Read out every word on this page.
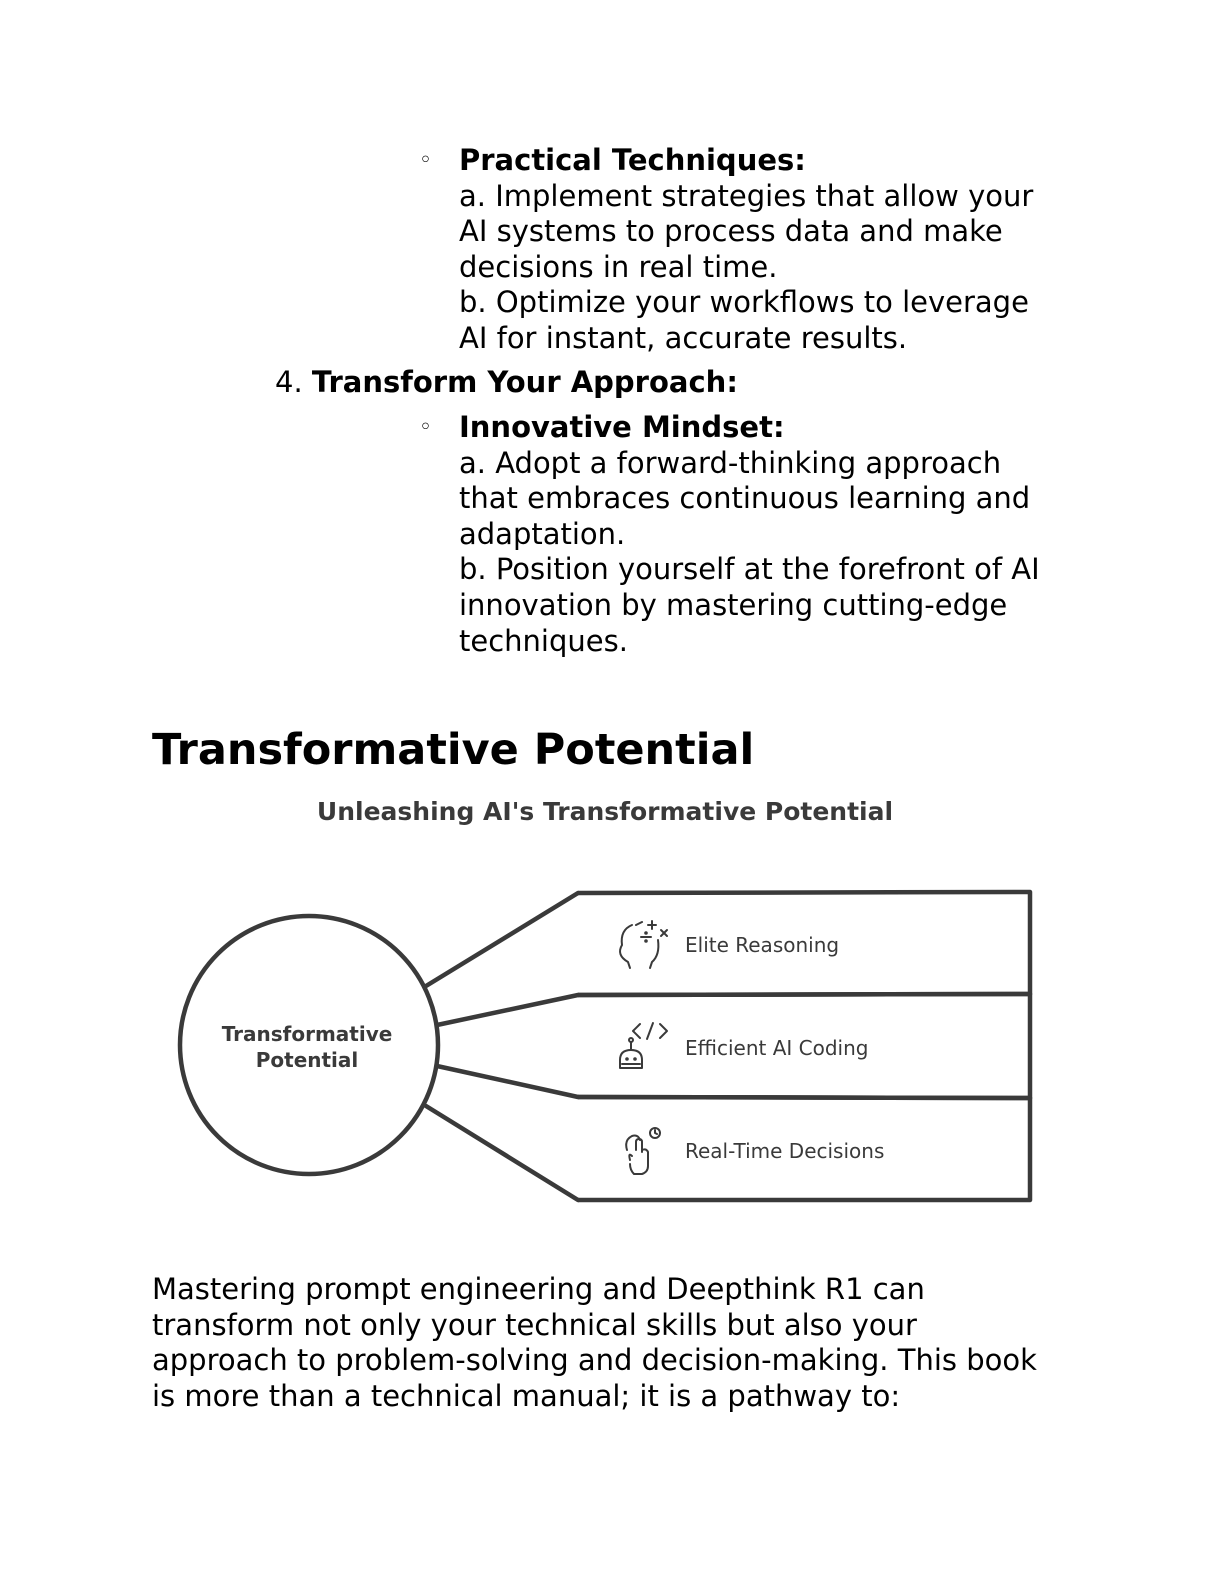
◦ Practical Techniques:
a. Implement strategies that allow your
AI systems to process data and make
decisions in real time.
b. Optimize your workflows to leverage
AI for instant, accurate results.
4. Transform Your Approach:
◦ Innovative Mindset:
a. Adopt a forward-thinking approach
that embraces continuous learning and
adaptation.
b. Position yourself at the forefront of AI
innovation by mastering cutting-edge
techniques.
Transformative Potential
Unleashing AI's Transformative Potential
Transformative
Potential
Elite Reasoning
Efficient AI Coding
Real-Time Decisions
Mastering prompt engineering and Deepthink R1 can
transform not only your technical skills but also your
approach to problem-solving and decision-making. This book
is more than a technical manual; it is a pathway to:
